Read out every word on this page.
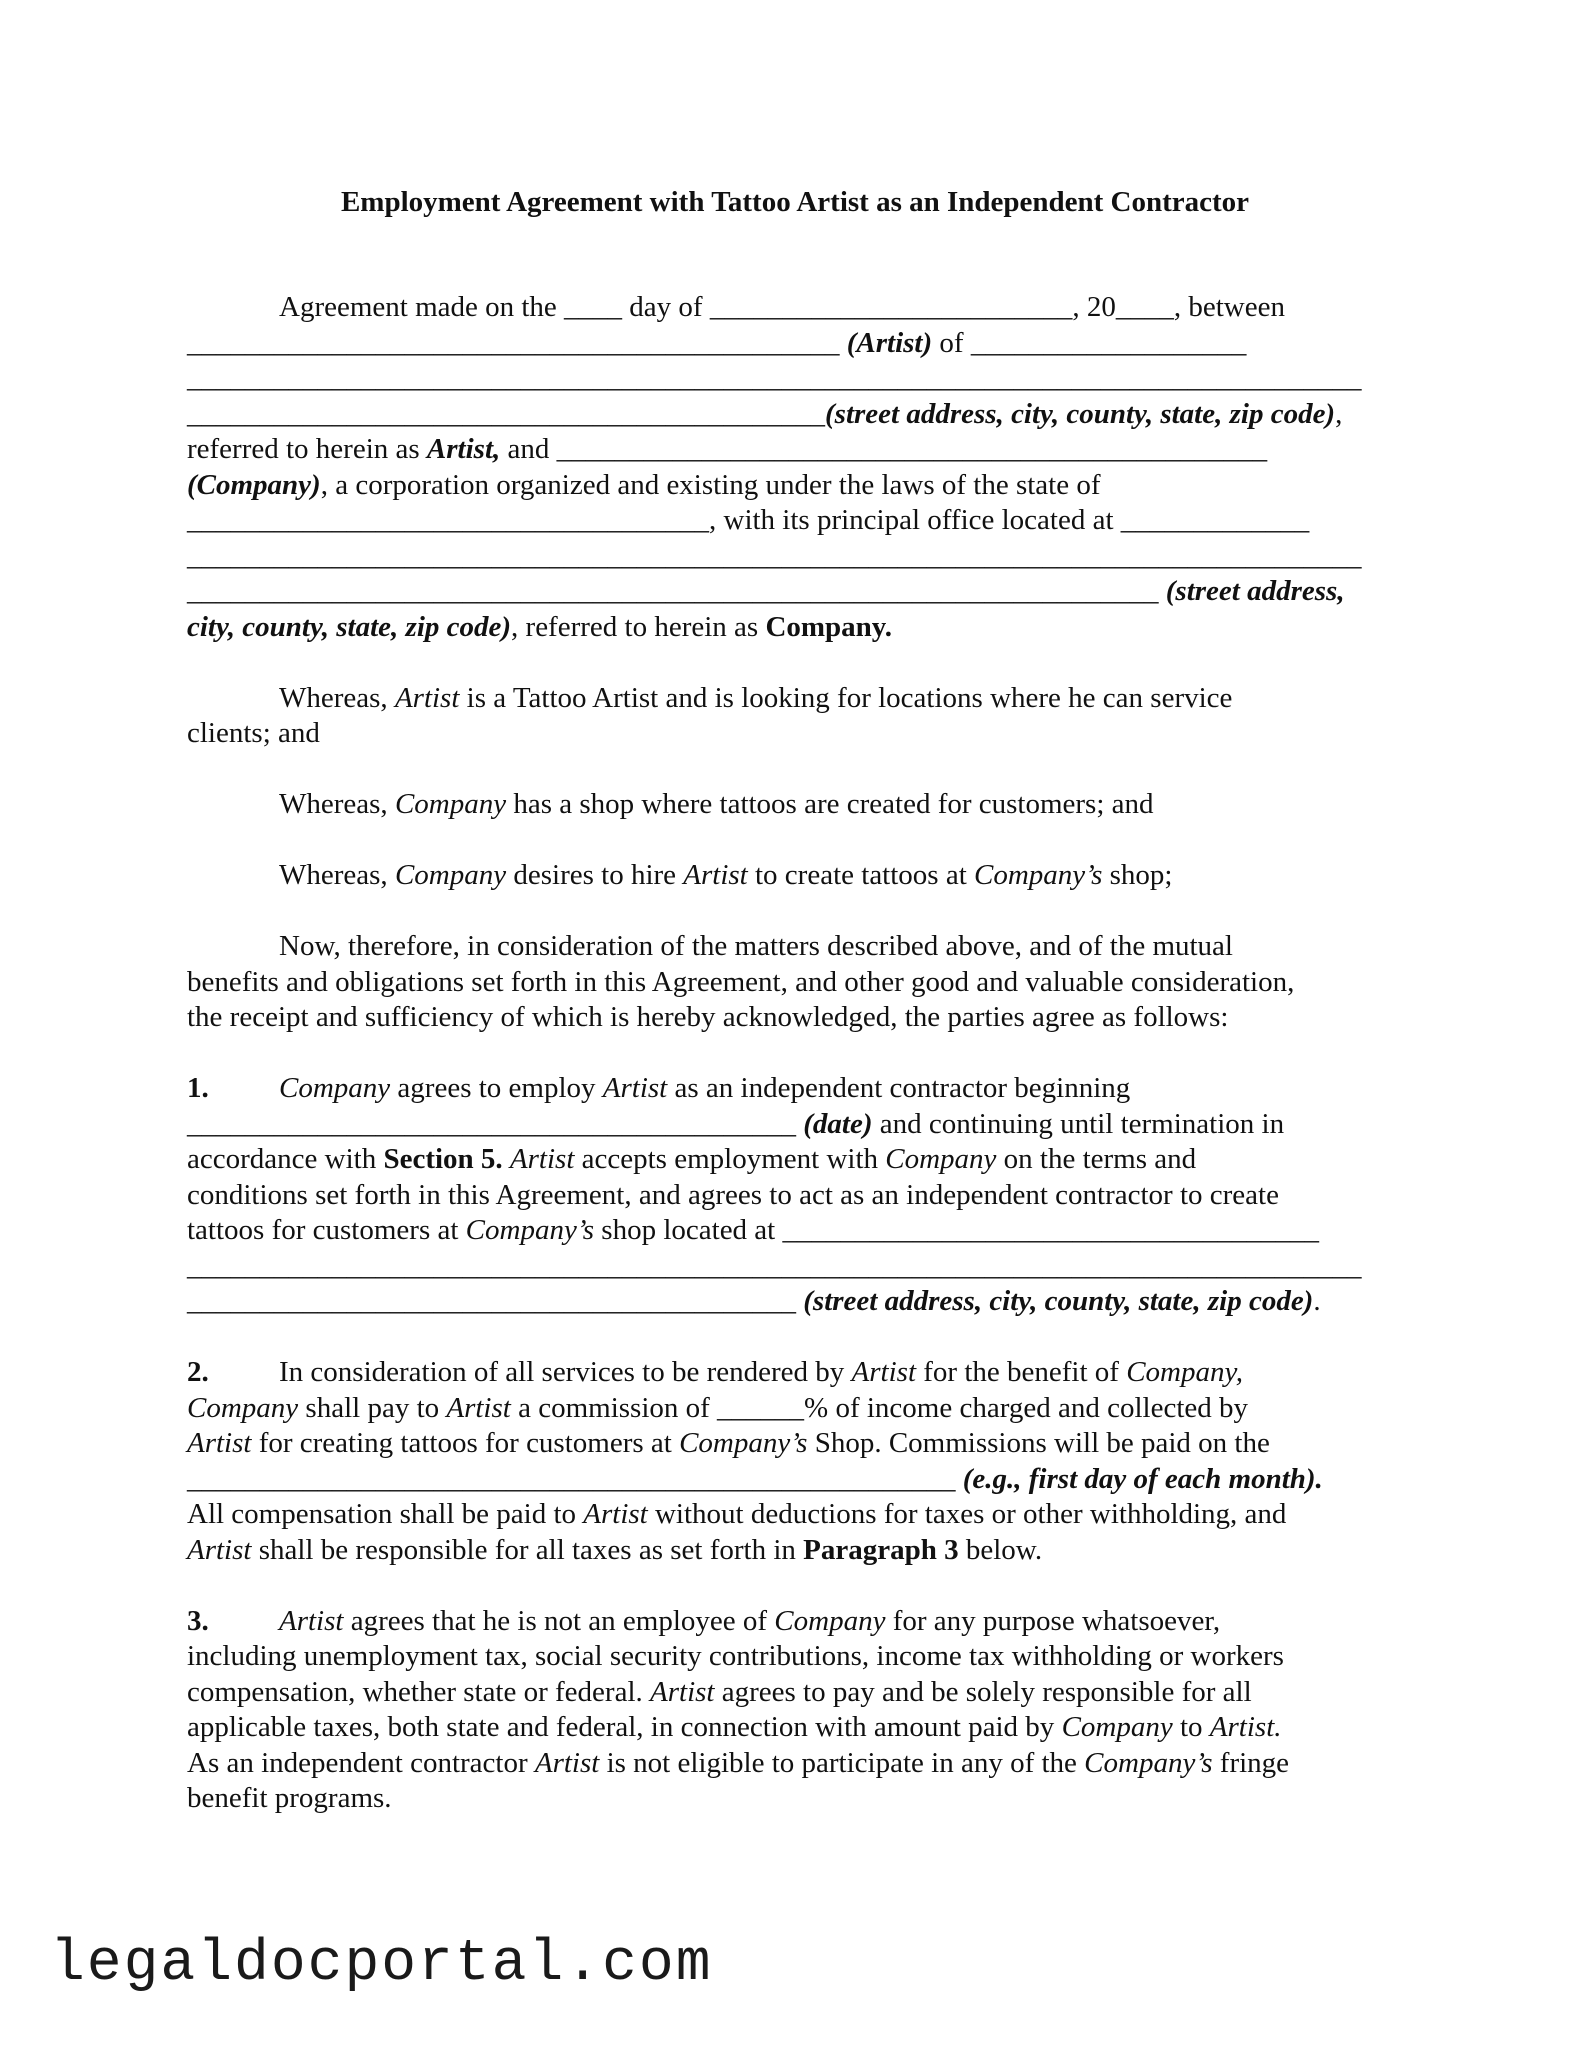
Employment Agreement with Tattoo Artist as an Independent Contractor
Agreement made on the ____ day of _________________________, 20____, between
_____________________________________________ (Artist) of ___________________
_________________________________________________________________________________
____________________________________________(street address, city, county, state, zip code),
referred to herein as Artist, and _________________________________________________
(Company), a corporation organized and existing under the laws of the state of
____________________________________, with its principal office located at _____________
_________________________________________________________________________________
___________________________________________________________________ (street address,
city, county, state, zip code), referred to herein as Company.
Whereas, Artist is a Tattoo Artist and is looking for locations where he can service
clients; and
Whereas, Company has a shop where tattoos are created for customers; and
Whereas, Company desires to hire Artist to create tattoos at Company’s shop;
Now, therefore, in consideration of the matters described above, and of the mutual
benefits and obligations set forth in this Agreement, and other good and valuable consideration,
the receipt and sufficiency of which is hereby acknowledged, the parties agree as follows:
1. Company agrees to employ Artist as an independent contractor beginning
__________________________________________ (date) and continuing until termination in
accordance with Section 5. Artist accepts employment with Company on the terms and
conditions set forth in this Agreement, and agrees to act as an independent contractor to create
tattoos for customers at Company’s shop located at _____________________________________
_________________________________________________________________________________
__________________________________________ (street address, city, county, state, zip code).
2. In consideration of all services to be rendered by Artist for the benefit of Company,
Company shall pay to Artist a commission of ______% of income charged and collected by
Artist for creating tattoos for customers at Company’s Shop. Commissions will be paid on the
_____________________________________________________ (e.g., first day of each month).
All compensation shall be paid to Artist without deductions for taxes or other withholding, and
Artist shall be responsible for all taxes as set forth in Paragraph 3 below.
3. Artist agrees that he is not an employee of Company for any purpose whatsoever,
including unemployment tax, social security contributions, income tax withholding or workers
compensation, whether state or federal. Artist agrees to pay and be solely responsible for all
applicable taxes, both state and federal, in connection with amount paid by Company to Artist.
As an independent contractor Artist is not eligible to participate in any of the Company’s fringe
benefit programs.
legaldocportal.com
